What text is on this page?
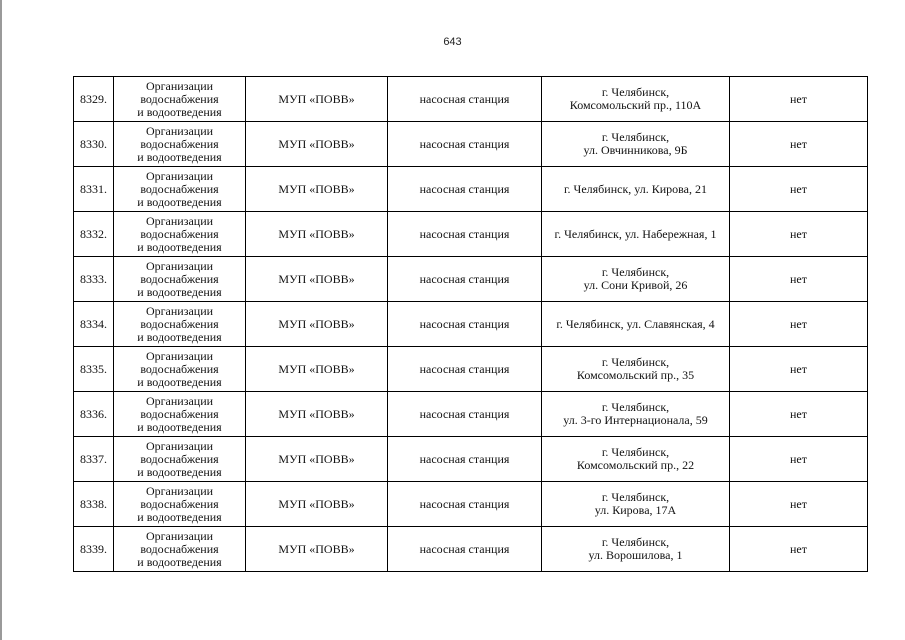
643
8329.	Организации
водоснабжения
и водоотведения	МУП «ПОВВ»	насосная станция	г. Челябинск,
Комсомольский пр., 110А	нет
8330.	Организации
водоснабжения
и водоотведения	МУП «ПОВВ»	насосная станция	г. Челябинск,
ул. Овчинникова, 9Б	нет
8331.	Организации
водоснабжения
и водоотведения	МУП «ПОВВ»	насосная станция	г. Челябинск, ул. Кирова, 21	нет
8332.	Организации
водоснабжения
и водоотведения	МУП «ПОВВ»	насосная станция	г. Челябинск, ул. Набережная, 1	нет
8333.	Организации
водоснабжения
и водоотведения	МУП «ПОВВ»	насосная станция	г. Челябинск,
ул. Сони Кривой, 26	нет
8334.	Организации
водоснабжения
и водоотведения	МУП «ПОВВ»	насосная станция	г. Челябинск, ул. Славянская, 4	нет
8335.	Организации
водоснабжения
и водоотведения	МУП «ПОВВ»	насосная станция	г. Челябинск,
Комсомольский пр., 35	нет
8336.	Организации
водоснабжения
и водоотведения	МУП «ПОВВ»	насосная станция	г. Челябинск,
ул. 3-го Интернационала, 59	нет
8337.	Организации
водоснабжения
и водоотведения	МУП «ПОВВ»	насосная станция	г. Челябинск,
Комсомольский пр., 22	нет
8338.	Организации
водоснабжения
и водоотведения	МУП «ПОВВ»	насосная станция	г. Челябинск,
ул. Кирова, 17А	нет
8339.	Организации
водоснабжения
и водоотведения	МУП «ПОВВ»	насосная станция	г. Челябинск,
ул. Ворошилова, 1	нет
